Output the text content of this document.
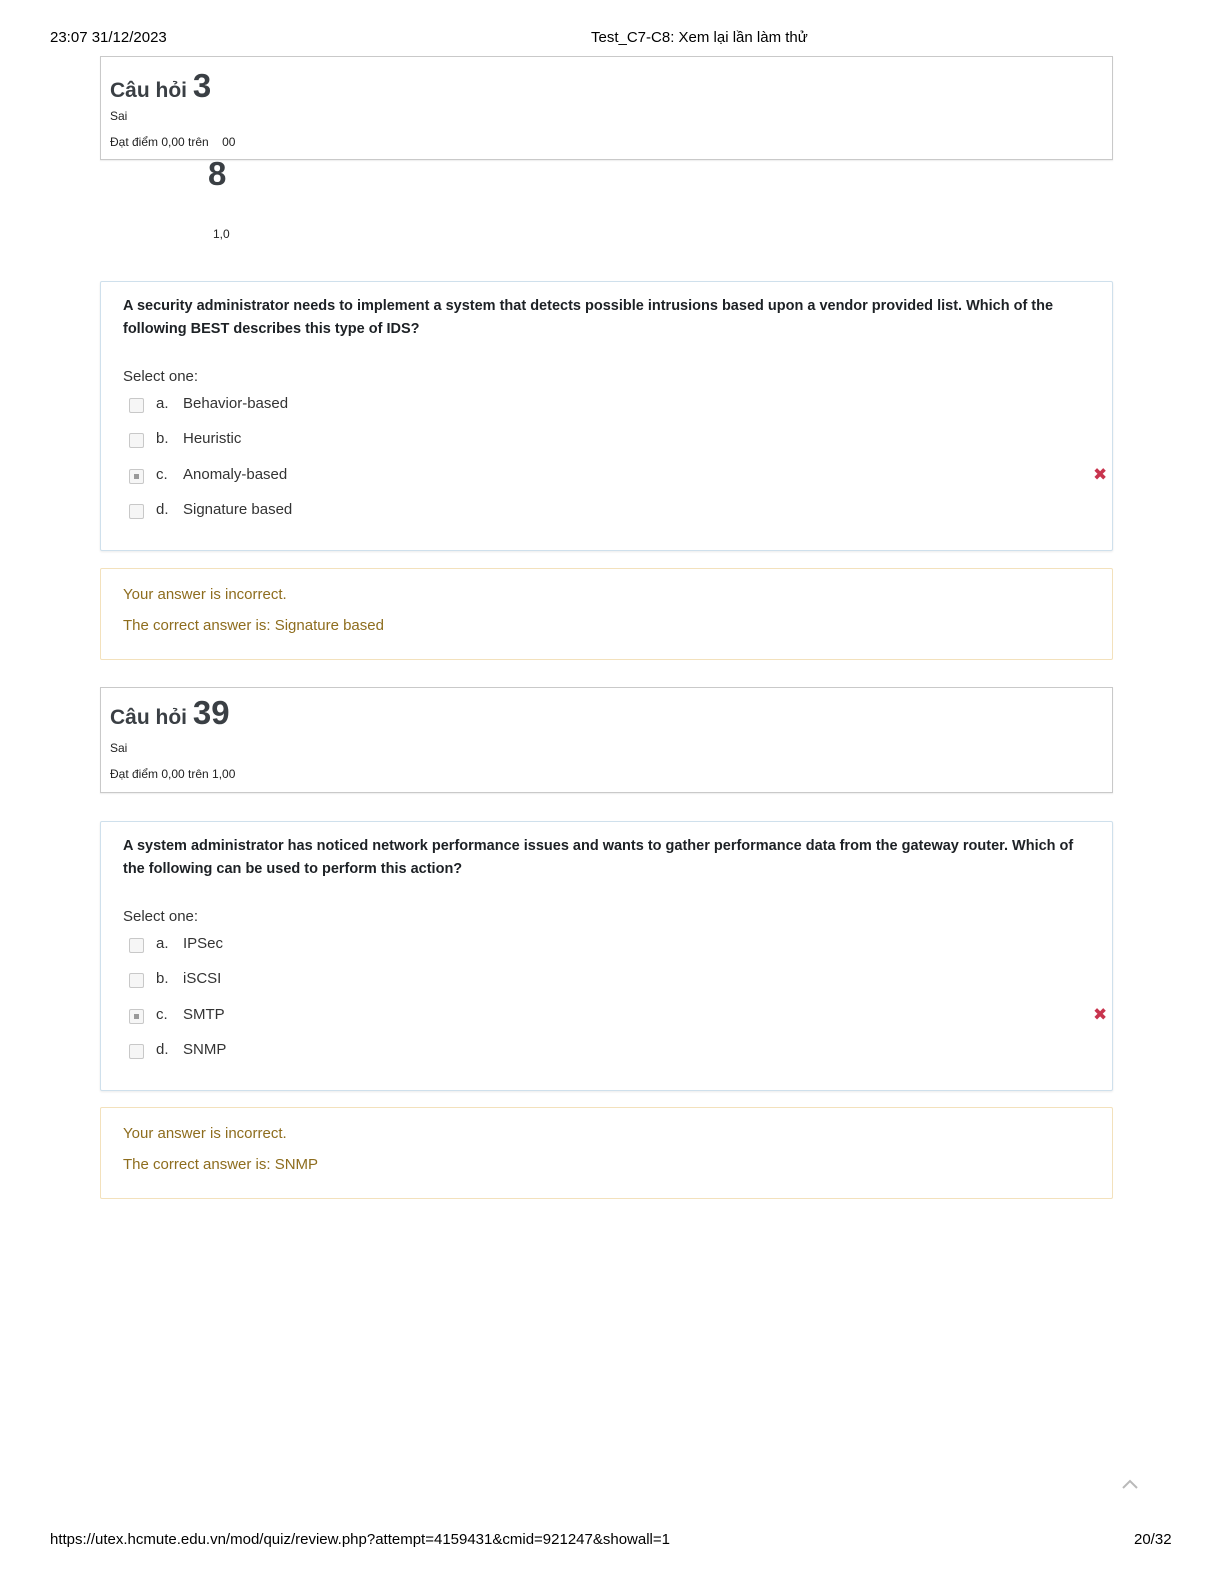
23:07 31/12/2023	Test_C7-C8: Xem lại lần làm thử
Câu hỏi 3
Sai
Đạt điểm 0,00 trên 00
8
1,0
A security administrator needs to implement a system that detects possible intrusions based upon a vendor provided list. Which of the following BEST describes this type of IDS?
Select one:
a. Behavior-based
b. Heuristic
c. Anomaly-based	✖
d. Signature based
Your answer is incorrect.
The correct answer is: Signature based
Câu hỏi 39
Sai
Đạt điểm 0,00 trên 1,00
A system administrator has noticed network performance issues and wants to gather performance data from the gateway router. Which of the following can be used to perform this action?
Select one:
a. IPSec
b. iSCSI
c. SMTP	✖
d. SNMP
Your answer is incorrect.
The correct answer is: SNMP
https://utex.hcmute.edu.vn/mod/quiz/review.php?attempt=4159431&cmid=921247&showall=1	20/32
